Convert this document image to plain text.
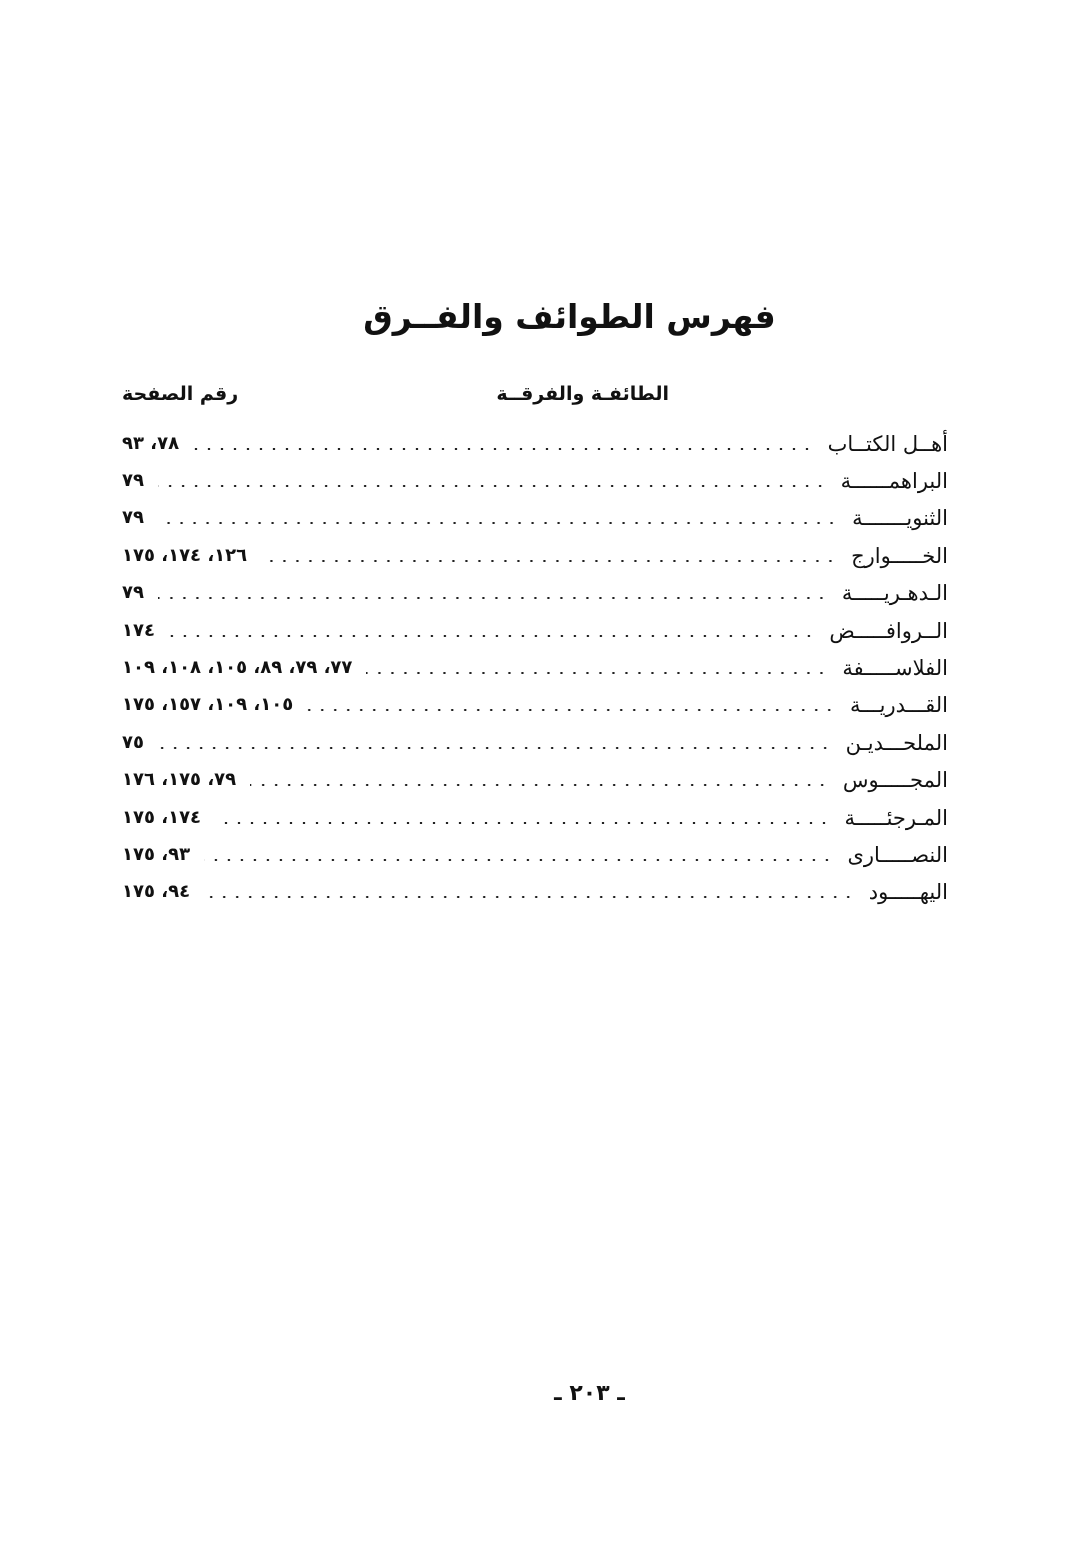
فهرس الطوائف والفــرق
الطائفـة والفرقــة
رقم الصفحة
أهــل الكتــاب
٧٨، ٩٣
البراهمــــــة
٧٩
الثنويـــــــة
٧٩
الخـــــوارج
١٢٦، ١٧٤، ١٧٥
الـدهـريـــــة
٧٩
الــروافـــــض
١٧٤
الفلاســـــفة
٧٧، ٧٩، ٨٩، ١٠٥، ١٠٨، ١٠٩
القـــدريـــة
١٠٥، ١٠٩، ١٥٧، ١٧٥
الملحـــديـن
٧٥
المجـــــوس
٧٩، ١٧٥، ١٧٦
المـرجئـــــة
١٧٤، ١٧٥
النصـــــارى
٩٣، ١٧٥
اليهـــــود
٩٤، ١٧٥
ـ ٢٠٣ ـ
